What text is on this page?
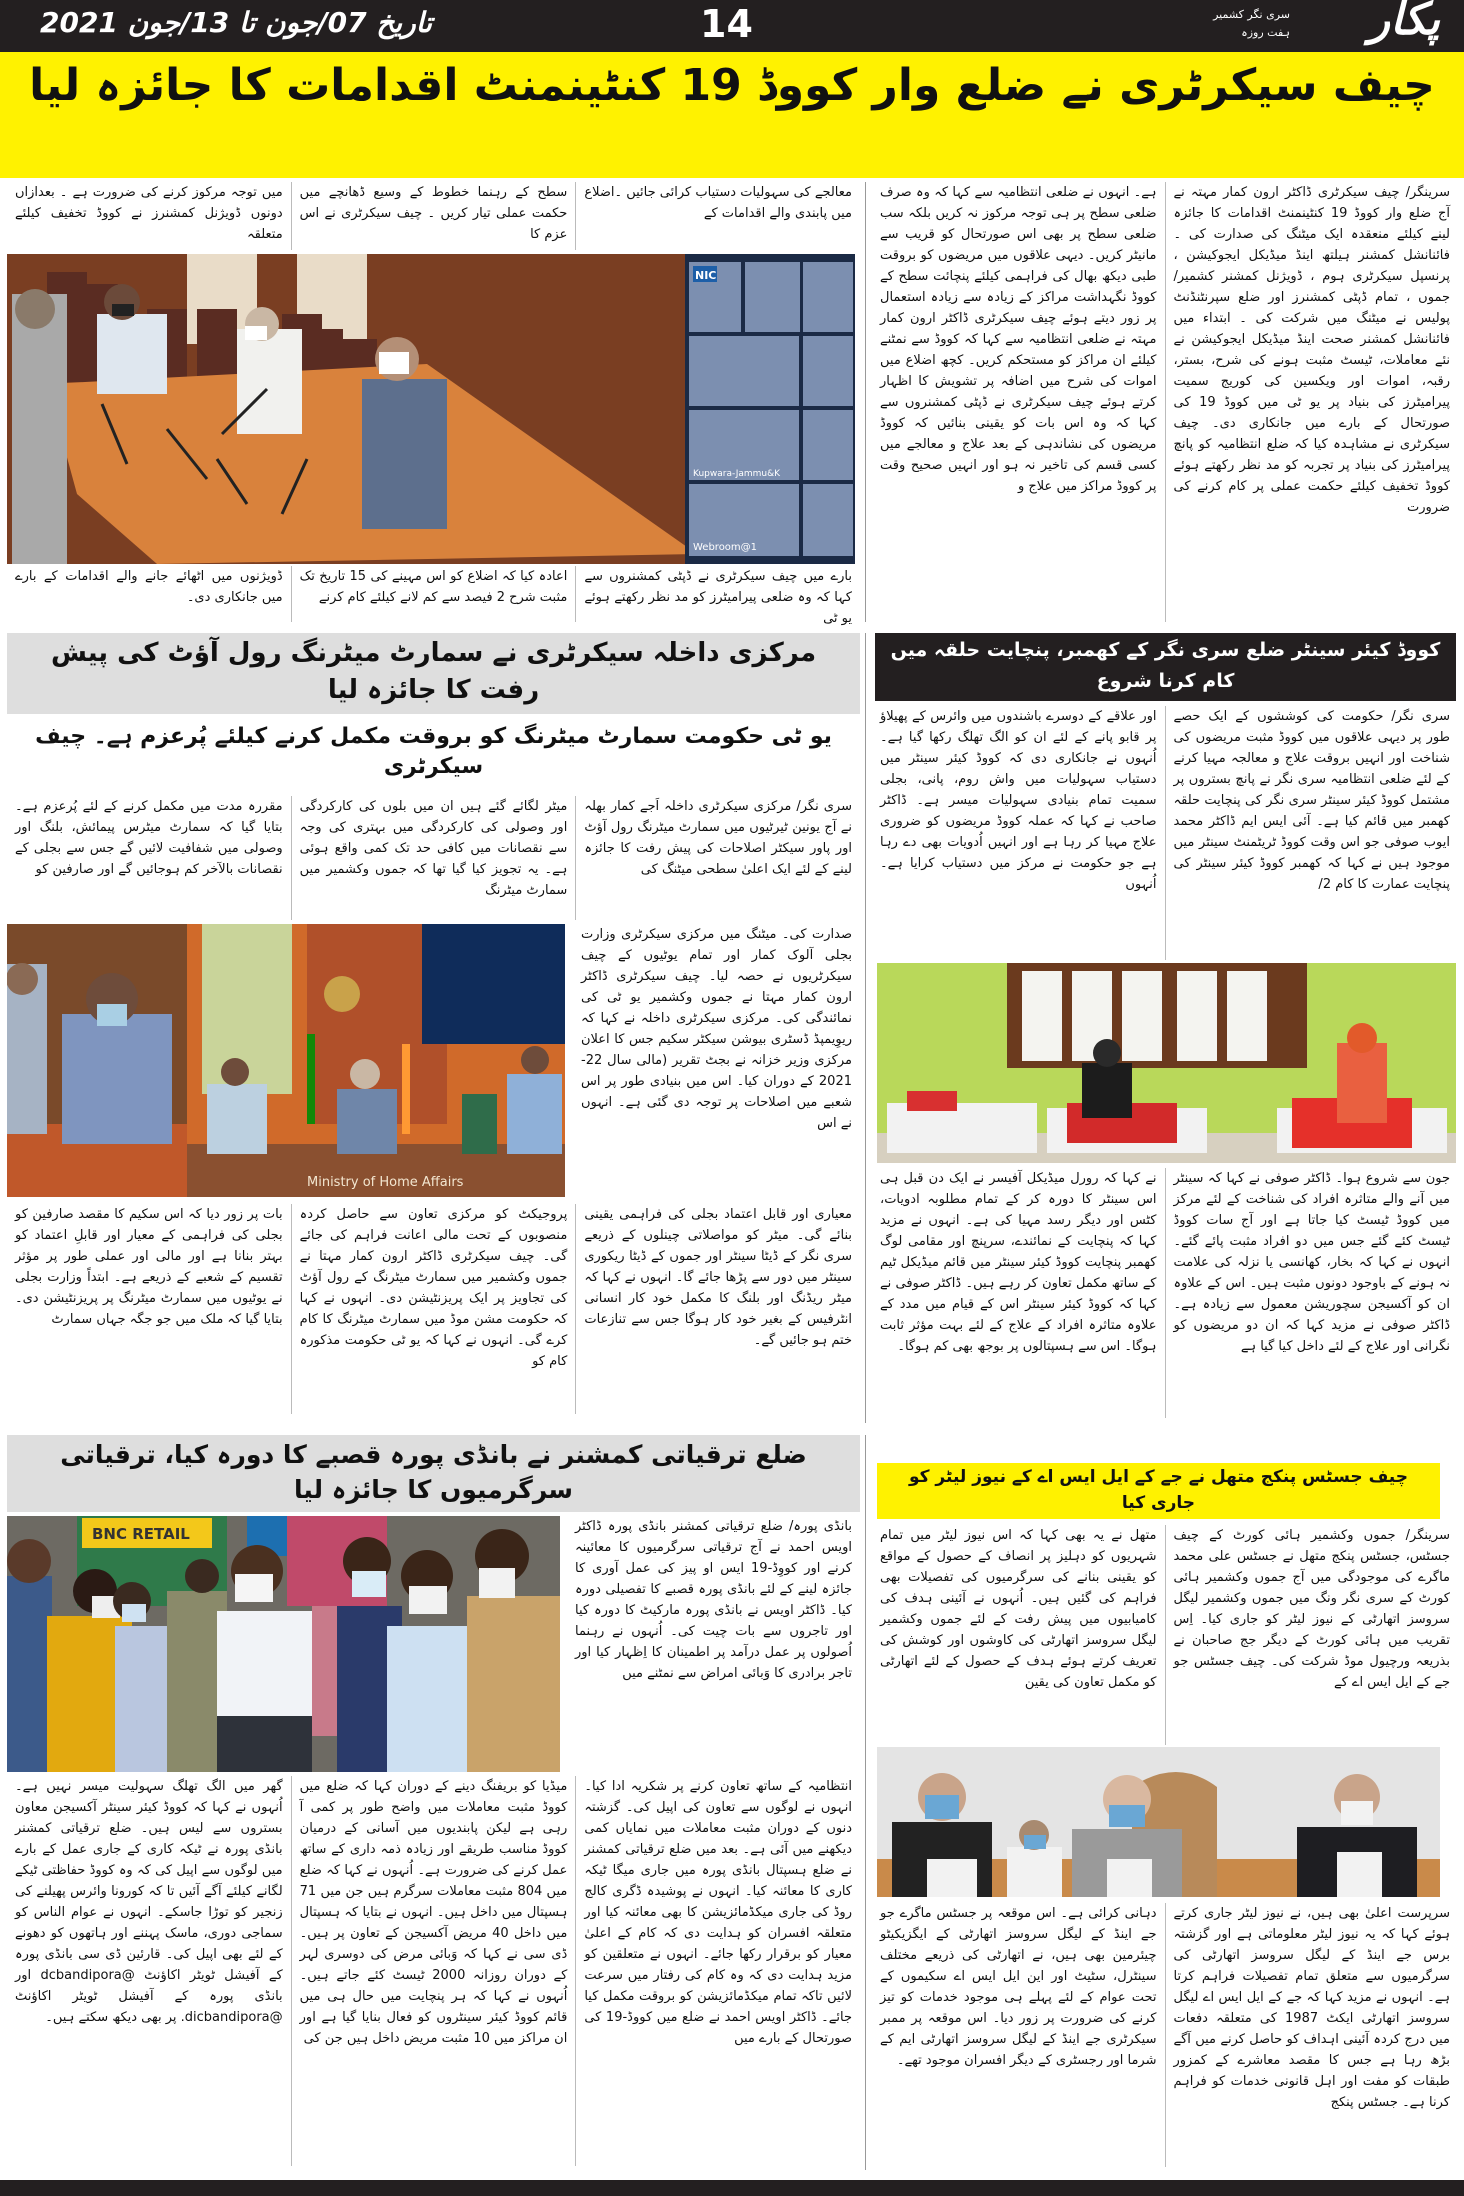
تاریخ 07/جون تا 13/جون 2021	14	پکار
سری نگر کشمیر
ہفت روزہ
چیف سیکرٹری نے ضلع وار کووڈ 19 کنٹینمنٹ اقدامات کا جائزہ لیا

معالجے کی سہولیات دستیاب کرائی جائیں ۔اضلاع میں پابندی والے اقدامات کے

سطح کے رہنما خطوط کے وسیع ڈھانچے میں حکمت عملی تیار کریں ۔ چیف سیکرٹری نے اس عزم کا

میں توجہ مرکوز کرنے کی ضرورت ہے ۔ بعدازاں دونوں ڈویژنل کمشنرز نے کووڈ تخفیف کیلئے متعلقہ

NIC
Kupwara-Jammu&K
Webroom@1

بارے میں چیف سیکرٹری نے ڈپٹی کمشنروں سے کہا کہ وہ ضلعی پیرامیٹرز کو مد نظر رکھتے ہوئے یو ٹی

اعادہ کیا کہ اضلاع کو اس مہینے کی 15 تاریخ تک مثبت شرح 2 فیصد سے کم لانے کیلئے کام کرنے

ڈویژنوں میں اٹھائے جانے والے اقدامات کے بارے میں جانکاری دی۔

سرینگر/ چیف سیکرٹری ڈاکٹر ارون کمار مہتہ نے آج ضلع وار کووڈ 19 کنٹینمنٹ اقدامات کا جائزہ لینے کیلئے منعقدہ ایک میٹنگ کی صدارت کی ۔ فائنانشل کمشنر ہیلتھ اینڈ میڈیکل ایجوکیشن ، پرنسپل سیکرٹری ہوم ، ڈویژنل کمشنر کشمیر/ جموں ، تمام ڈپٹی کمشنرز اور ضلع سپرنٹنڈنٹ پولیس نے میٹنگ میں شرکت کی ۔ ابتداء میں فائنانشل کمشنر صحت اینڈ میڈیکل ایجوکیشن نے نئے معاملات، ٹیسٹ مثبت ہونے کی شرح، بستر، رقبہ، اموات اور ویکسین کی کوریج سمیت پیرامیٹرز کی بنیاد پر یو ٹی میں کووڈ 19 کی صورتحال کے بارے میں جانکاری دی۔ چیف سیکرٹری نے مشاہدہ کیا کہ ضلع انتظامیہ کو پانچ پیرامیٹرز کی بنیاد پر تجربہ کو مد نظر رکھتے ہوئے کووڈ تخفیف کیلئے حکمت عملی پر کام کرنے کی ضرورت

ہے۔ انہوں نے ضلعی انتظامیہ سے کہا کہ وہ صرف ضلعی سطح پر ہی توجہ مرکوز نہ کریں بلکہ سب ضلعی سطح پر بھی اس صورتحال کو قریب سے مانیٹر کریں۔ دیہی علاقوں میں مریضوں کو بروقت طبی دیکھ بھال کی فراہمی کیلئے پنچائت سطح کے کووڈ نگہداشت مراکز کے زیادہ سے زیادہ استعمال پر زور دیتے ہوئے چیف سیکرٹری ڈاکٹر ارون کمار مہتہ نے ضلعی انتظامیہ سے کہا کہ کووڈ سے نمٹنے کیلئے ان مراکز کو مستحکم کریں۔ کچھ اضلاع میں اموات کی شرح میں اضافہ پر تشویش کا اظہار کرتے ہوئے چیف سیکرٹری نے ڈپٹی کمشنروں سے کہا کہ وہ اس بات کو یقینی بنائیں کہ کووڈ مریضوں کی نشاندہی کے بعد علاج و معالجے میں کسی قسم کی تاخیر نہ ہو اور انہیں صحیح وقت پر کووڈ مراکز میں علاج و

مرکزی داخلہ سیکرٹری نے سمارٹ میٹرنگ رول آؤٹ کی پیش رفت کا جائزہ لیا
یو ٹی حکومت سمارٹ میٹرنگ کو بروقت مکمل کرنے کیلئے پُرعزم ہے۔ چیف سیکرٹری

سری نگر/ مرکزی سیکرٹری داخلہ اَجے کمار بھلہ نے آج یونین ٹیرٹیوں میں سمارٹ میٹرنگ رول آؤٹ اور پاور سیکٹر اصلاحات کی پیش رفت کا جائزہ لینے کے لئے ایک اعلیٰ سطحی میٹنگ کی

میٹر لگائے گئے ہیں ان میں بلوں کی کارکردگی اور وصولی کی کارکردگی میں بہتری کی وجہ سے نقصانات میں کافی حد تک کمی واقع ہوئی ہے۔ یہ تجویز کیا گیا تھا کہ جموں وکشمیر میں سمارٹ میٹرنگ

مقررہ مدت میں مکمل کرنے کے لئے پُرعزم ہے۔ بتایا گیا کہ سمارٹ میٹرس پیمائش، بلنگ اور وصولی میں شفافیت لائیں گے جس سے بجلی کے نقصانات بالآخر کم ہوجائیں گے اور صارفین کو

Ministry of Home Affairs

صدارت کی۔ میٹنگ میں مرکزی سیکرٹری وزارت بجلی آلوک کمار اور تمام یوٹیوں کے چیف سیکرٹریوں نے حصہ لیا۔ چیف سیکرٹری ڈاکٹر ارون کمار مہتا نے جموں وکشمیر یو ٹی کی نمائندگی کی۔ مرکزی سیکرٹری داخلہ نے کہا کہ ریوِیمپڈ ڈسٹری بیوشن سیکٹر سکیم جس کا اعلان مرکزی وزیر خزانہ نے بجٹ تقریر (مالی سال 22-2021 کے دوران کیا۔ اس میں بنیادی طور پر اس شعبے میں اصلاحات پر توجہ دی گئی ہے۔ انہوں نے اس

معیاری اور قابل اعتماد بجلی کی فراہمی یقینی بنائے گی۔ میٹر کو مواصلاتی چینلوں کے ذریعے سری نگر کے ڈیٹا سینٹر اور جموں کے ڈیٹا ریکوری سینٹر میں دور سے پڑھا جائے گا۔ انہوں نے کہا کہ میٹر ریڈنگ اور بلنگ کا مکمل خود کار انسانی انٹرفیس کے بغیر خود کار ہوگا جس سے تنازعات ختم ہو جائیں گے۔

پروجیکٹ کو مرکزی تعاون سے حاصل کردہ منصوبوں کے تحت مالی اعانت فراہم کی جائے گی۔ چیف سیکرٹری ڈاکٹر ارون کمار مہتا نے جموں وکشمیر میں سمارٹ میٹرنگ کے رول آؤٹ کی تجاویز پر ایک پریزنٹیشن دی۔ انہوں نے کہا کہ حکومت مشن موڈ میں سمارٹ میٹرنگ کا کام کرے گی۔ انہوں نے کہا کہ یو ٹی حکومت مذکورہ کام کو

بات پر زور دیا کہ اس سکیم کا مقصد صارفین کو بجلی کی فراہمی کے معیار اور قابلِ اعتماد کو بہتر بنانا ہے اور مالی اور عملی طور پر مؤثر تقسیم کے شعبے کے ذریعے ہے۔ ابتداً وزارت بجلی نے یوٹیوں میں سمارٹ میٹرنگ پر پریزنٹیشن دی۔ بتایا گیا کہ ملک میں جو جگہ جہاں سمارٹ

کووڈ کیئر سینٹر ضلع سری نگر کے کھمبر، پنچایت حلقہ میں کام کرنا شروع

سری نگر/ حکومت کی کوششوں کے ایک حصے طور پر دیہی علاقوں میں کووڈ مثبت مریضوں کی شناخت اور انہیں بروقت علاج و معالجہ مہیا کرنے کے لئے ضلعی انتظامیہ سری نگر نے پانچ بستروں پر مشتمل کووڈ کیئر سینٹر سری نگر کی پنچایت حلقہ کھمبر میں قائم کیا ہے۔ آئی ایس ایم ڈاکٹر محمد ایوب صوفی جو اس وقت کووڈ ٹریٹمنٹ سینٹر میں موجود ہیں نے کہا کہ کھمبر کووڈ کیئر سینٹر کی پنچایت عمارت کا کام 2/

اور علاقے کے دوسرے باشندوں میں وائرس کے پھیلاؤ پر قابو پانے کے لئے ان کو الگ تھلگ رکھا گیا ہے۔ اُنہوں نے جانکاری دی کہ کووڈ کیئر سینٹر میں دستیاب سہولیات میں واش روم، پانی، بجلی سمیت تمام بنیادی سہولیات میسر ہے۔ ڈاکٹر صاحب نے کہا کہ عملہ کووڈ مریضوں کو ضروری علاج مہیا کر رہا ہے اور انہیں اُدویات بھی دے رہا ہے جو حکومت نے مرکز میں دستیاب کرایا ہے۔ اُنہوں

جون سے شروع ہوا۔ ڈاکٹر صوفی نے کہا کہ سینٹر میں آنے والے متاثرہ افراد کی شناخت کے لئے مرکز میں کووڈ ٹیسٹ کیا جاتا ہے اور آج سات کووڈ ٹیسٹ کئے گئے جس میں دو افراد مثبت پائے گئے۔ انہوں نے کہا کہ بخار، کھانسی یا نزلہ کی علامت نہ ہونے کے باوجود دونوں مثبت ہیں۔ اس کے علاوہ ان کو آکسیجن سچوریشن معمول سے زیادہ ہے۔ ڈاکٹر صوفی نے مزید کہا کہ ان دو مریضوں کو نگرانی اور علاج کے لئے داخل کیا گیا ہے

نے کہا کہ رورل میڈیکل آفیسر نے ایک دن قبل ہی اس سینٹر کا دورہ کر کے تمام مطلوبہ ادویات، کٹس اور دیگر رسد مہیا کی ہے۔ انہوں نے مزید کہا کہ پنچایت کے نمائندے، سرپنچ اور مقامی لوگ کھمبر پنچایت کووڈ کیئر سینٹر میں قائم میڈیکل ٹیم کے ساتھ مکمل تعاون کر رہے ہیں۔ ڈاکٹر صوفی نے کہا کہ کووڈ کیئر سینٹر اس کے قیام میں مدد کے علاوہ متاثرہ افراد کے علاج کے لئے بہت مؤثر ثابت ہوگا۔ اس سے ہسپتالوں پر بوجھ بھی کم ہوگا۔

ضلع ترقیاتی کمشنر نے بانڈی پورہ قصبے کا دورہ کیا، ترقیاتی سرگرمیوں کا جائزہ لیا
BNC RETAIL	بانڈی پورہ/ ضلع ترقیاتی کمشنر بانڈی پورہ ڈاکٹر اویس احمد نے آج ترقیاتی سرگرمیوں کا معائینہ کرنے اور کووِڈ-19 ایس او پیز کی عمل آوری کا جائزہ لینے کے لئے بانڈی پورہ قصبے کا تفصیلی دورہ کیا۔ ڈاکٹر اویس نے بانڈی پورہ مارکیٹ کا دورہ کیا اور تاجروں سے بات چیت کی۔ اُنہوں نے رہنما اُصولوں پر عمل درآمد پر اطمینان کا اِظہار کیا اور تاجر برادری کا وَبائی امراض سے نمٹنے میں

انتظامیہ کے ساتھ تعاون کرنے پر شکریہ ادا کیا۔ انہوں نے لوگوں سے تعاون کی اپیل کی۔ گزشتہ دنوں کے دوران مثبت معاملات میں نمایاں کمی دیکھنے میں آئی ہے۔ بعد میں ضلع ترقیاتی کمشنر نے ضلع ہسپتال بانڈی پورہ میں جاری میگا ٹیکہ کاری کا معائنہ کیا۔ انہوں نے پوشیدہ ڈگری کالج روڈ کی جاری میکڈمائزیشن کا بھی معائنہ کیا اور متعلقہ افسران کو ہدایت دی کہ کام کے اعلیٰ معیار کو برقرار رکھا جائے۔ انہوں نے متعلقین کو مزید ہدایت دی کہ وہ کام کی رفتار میں سرعت لائیں تاکہ تمام میکڈمائزیشن کو بروقت مکمل کیا جائے۔ ڈاکٹر اویس احمد نے ضلع میں کووڈ-19 کی صورتحال کے بارے میں

میڈیا کو بریفنگ دینے کے دوران کہا کہ ضلع میں کووڈ مثبت معاملات میں واضح طور پر کمی آ رہی ہے لیکن پابندیوں میں آسانی کے درمیان کووڈ مناسب طریقے اور زیادہ ذمہ داری کے ساتھ عمل کرنے کی ضرورت ہے۔ اُنہوں نے کہا کہ ضلع میں 804 مثبت معاملات سرگرم ہیں جن میں 71 ہسپتال میں داخل ہیں۔ انہوں نے بتایا کہ ہسپتال میں داخل 40 مریض آکسیجن کے تعاون پر ہیں۔ ڈی سی نے کہا کہ وَبائی مرض کی دوسری لہر کے دوران روزانہ 2000 ٹیسٹ کئے جاتے ہیں۔ اُنہوں نے کہا کہ ہر پنچایت میں حال ہی میں قائم کووڈ کیئر سینٹروں کو فعال بنایا گیا ہے اور ان مراکز میں 10 مثبت مریض داخل ہیں جن کی

گھر میں الگ تھلگ سہولیت میسر نہیں ہے۔ اُنہوں نے کہا کہ کووڈ کیئر سینٹر آکسیجن معاون بستروں سے لیس ہیں۔ ضلع ترقیاتی کمشنر بانڈی پورہ نے ٹیکہ کاری کے جاری عمل کے بارے میں لوگوں سے اپیل کی کہ وہ کووڈ حفاظتی ٹیکے لگانے کیلئے آگے آئیں تا کہ کورونا وائرس پھیلنے کی زنجیر کو توڑا جاسکے۔ انہوں نے عوام الناس کو سماجی دوری، ماسک پہننے اور ہاتھوں کو دھونے کے لئے بھی اپیل کی۔ قارئین ڈی سی بانڈی پورہ کے آفیشل ٹویٹر اکاؤنٹ @dcbandipora اور بانڈی پورہ کے آفیشل ٹویٹر اکاؤنٹ @dicbandipora. پر بھی دیکھ سکتے ہیں۔

چیف جسٹس پنکج متھل نے جے کے ایل ایس اے کے نیوز لیٹر کو جاری کیا

سرینگر/ جموں وکشمیر ہائی کورٹ کے چیف جسٹس، جسٹس پنکج متھل نے جسٹس علی محمد ماگرے کی موجودگی میں آج جموں وکشمیر ہائی کورٹ کے سری نگر ونگ میں جموں وکشمیر لیگل سروسز اتھارٹی کے نیوز لیٹر کو جاری کیا۔ اِس تقریب میں ہائی کورٹ کے دیگر جج صاحبان نے بذریعہ ورچیول موڈ شرکت کی۔ چیف جسٹس جو جے کے ایل ایس اے کے

متھل نے یہ بھی کہا کہ اس نیوز لیٹر میں تمام شہریوں کو دہلیز پر انصاف کے حصول کے مواقع کو یقینی بنانے کی سرگرمیوں کی تفصیلات بھی فراہم کی گئیں ہیں۔ اُنہوں نے آئینی ہدف کی کامیابیوں میں پیش رفت کے لئے جموں وکشمیر لیگل سروسز اتھارٹی کی کاوشوں اور کوشش کی تعریف کرتے ہوئے ہدف کے حصول کے لئے اتھارٹی کو مکمل تعاون کی یقین

سرپرست اعلیٰ بھی ہیں، نے نیوز لیٹر جاری کرتے ہوئے کہا کہ یہ نیوز لیٹر معلوماتی ہے اور گزشتہ برس جے اینڈ کے لیگل سروسز اتھارٹی کی سرگرمیوں سے متعلق تمام تفصیلات فراہم کرتا ہے۔ انہوں نے مزید کہا کہ جے کے ایل ایس اے لیگل سروسز اتھارٹی ایکٹ 1987 کی متعلقہ دفعات میں درج کردہ آئینی اہداف کو حاصل کرنے میں آگے بڑھ رہا ہے جس کا مقصد معاشرے کے کمزور طبقات کو مفت اور اہل قانونی خدمات کو فراہم کرنا ہے۔ جسٹس پنکج

دہانی کرائی ہے۔ اس موقعہ پر جسٹس ماگرے جو جے اینڈ کے لیگل سروسز اتھارٹی کے ایگزیکیٹو چیئرمین بھی ہیں، نے اتھارٹی کی ذریعے مختلف سینٹرل، سٹیٹ اور این ایل ایس اے سکیموں کے تحت عوام کے لئے پہلے ہی موجود خدمات کو تیز کرنے کی ضرورت پر زور دیا۔ اس موقعہ پر ممبر سیکرٹری جے اینڈ کے لیگل سروسز اتھارٹی ایم کے شرما اور رجسٹری کے دیگر افسران موجود تھے۔
